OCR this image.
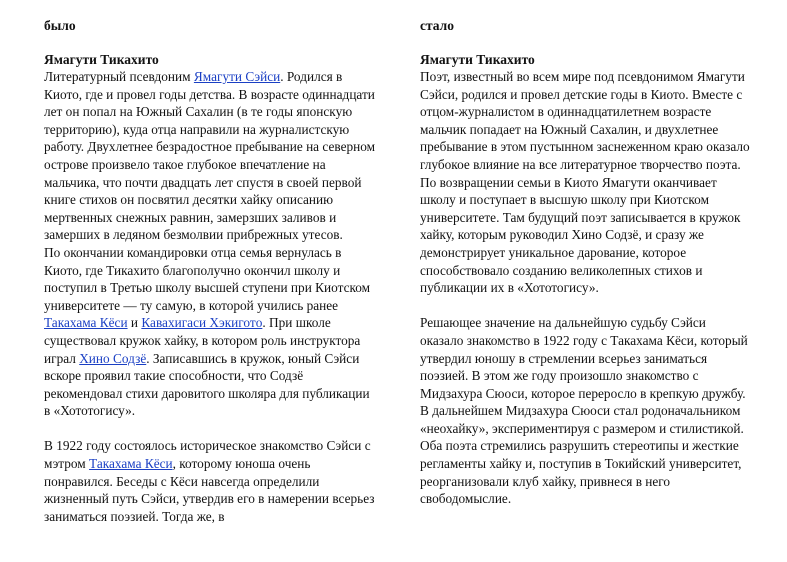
было
Ямагути Тикахито

Литературный псевдоним Ямагути Сэйси. Родился в Киото, где и провел годы детства. В возрасте одиннадцати лет он попал на Южный Сахалин (в те годы японскую территорию), куда отца направили на журналистскую работу. Двухлетнее безрадостное пребывание на северном острове произвело такое глубокое впечатление на мальчика, что почти двадцать лет спустя в своей первой книге стихов он посвятил десятки хайку описанию мертвенных снежных равнин, замерзших заливов и замерших в ледяном безмолвии прибрежных утесов.

По окончании командировки отца семья вернулась в Киото, где Тикахито благополучно окончил школу и поступил в Третью школу высшей ступени при Киотском университете — ту самую, в которой учились ранее Такахама Кёси и Кавахигаси Хэкиготo. При школе существовал кружок хайку, в котором роль инструктора играл Хино Содзё. Записавшись в кружок, юный Сэйси вскоре проявил такие способности, что Содзё рекомендовал стихи даровитого школяра для публикации в «Хототогису».

В 1922 году состоялось историческое знакомство Сэйси с мэтром Такахама Кёси, которому юноша очень понравился. Беседы с Кёси навсегда определили жизненный путь Сэйси, утвердив его в намерении всерьез заниматься поэзией. Тогда же, в

стало
Ямагути Тикахито

Поэт, известный во всем мире под псевдонимом Ямагути Сэйси, родился и провел детские годы в Киото. Вместе с отцом-журналистом в одиннадцатилетнем возрасте мальчик попадает на Южный Сахалин, и двухлетнее пребывание в этом пустынном заснеженном краю оказало глубокое влияние на все литературное творчество поэта.

По возвращении семьи в Киото Ямагути оканчивает школу и поступает в высшую школу при Киотском университете. Там будущий поэт записывается в кружок хайку, которым руководил Хино Содзё, и сразу же демонстрирует уникальное дарование, которое способствовало созданию великолепных стихов и публикации их в «Хототогису».

Решающее значение на дальнейшую судьбу Сэйси оказало знакомство в 1922 году с Такахама Кёси, который утвердил юношу в стремлении всерьез заниматься поэзией. В этом же году произошло знакомство с Мидзахура Сюоси, которое переросло в крепкую дружбу. В дальнейшем Мидзахура Сюоси стал родоначальником «неохайку», экспериментируя с размером и стилистикой. Оба поэта стремились разрушить стереотипы и жесткие регламенты хайку и, поступив в Токийский университет, реорганизовали клуб хайку, привнеся в него свободомыслие.
